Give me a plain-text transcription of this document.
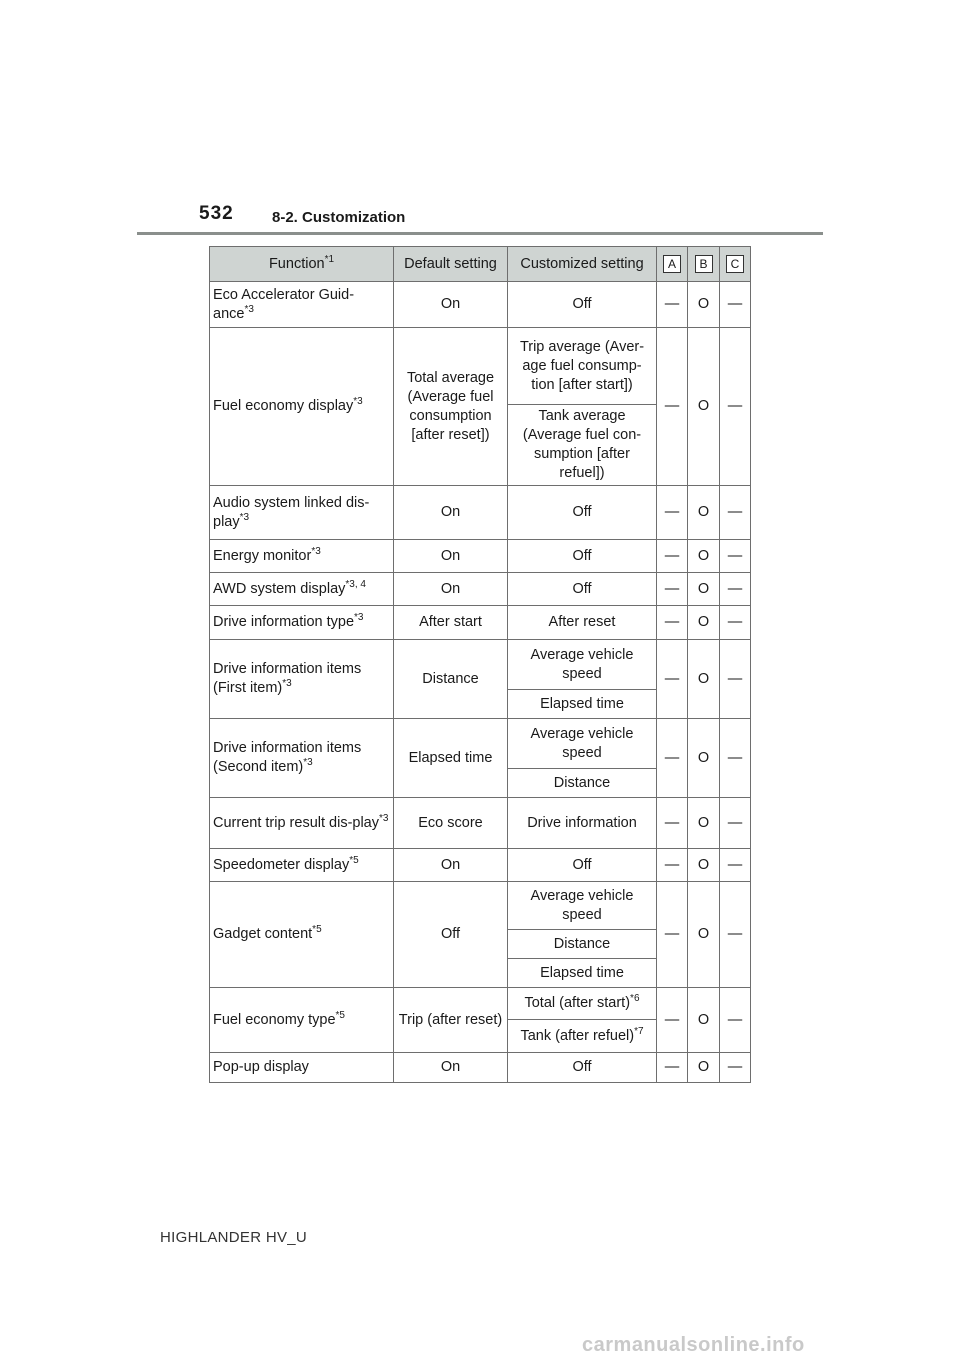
532	8-2. Customization
Function$^{*1}$	Default setting	Customized setting	A	B	C
Eco Accelerator Guid-ance$^{*3}$	On	Off	—	O	—
Fuel economy display$^{*3}$	Total average (Average fuel consumption [after reset])	Trip average (Aver-age fuel consump-tion [after start])	—	O	—
		Tank average (Average fuel con-sumption [after refuel])			
Audio system linked dis-play$^{*3}$	On	Off	—	O	—
Energy monitor$^{*3}$	On	Off	—	O	—
AWD system display$^{*3, 4}$	On	Off	—	O	—
Drive information type$^{*3}$	After start	After reset	—	O	—
Drive information items (First item)$^{*3}$	Distance	Average vehicle speed	—	O	—
		Elapsed time			
Drive information items (Second item)$^{*3}$	Elapsed time	Average vehicle speed	—	O	—
		Distance			
Current trip result dis-play$^{*3}$	Eco score	Drive information	—	O	—
Speedometer display$^{*5}$	On	Off	—	O	—
Gadget content$^{*5}$	Off	Average vehicle speed	—	O	—
		Distance			
		Elapsed time			
Fuel economy type$^{*5}$	Trip (after reset)	Total (after start)$^{*6}$	—	O	—
		Tank (after refuel)$^{*7}$
Pop-up display	On	Off	—	O	—
HIGHLANDER HV_U
carmanualsonline.info
